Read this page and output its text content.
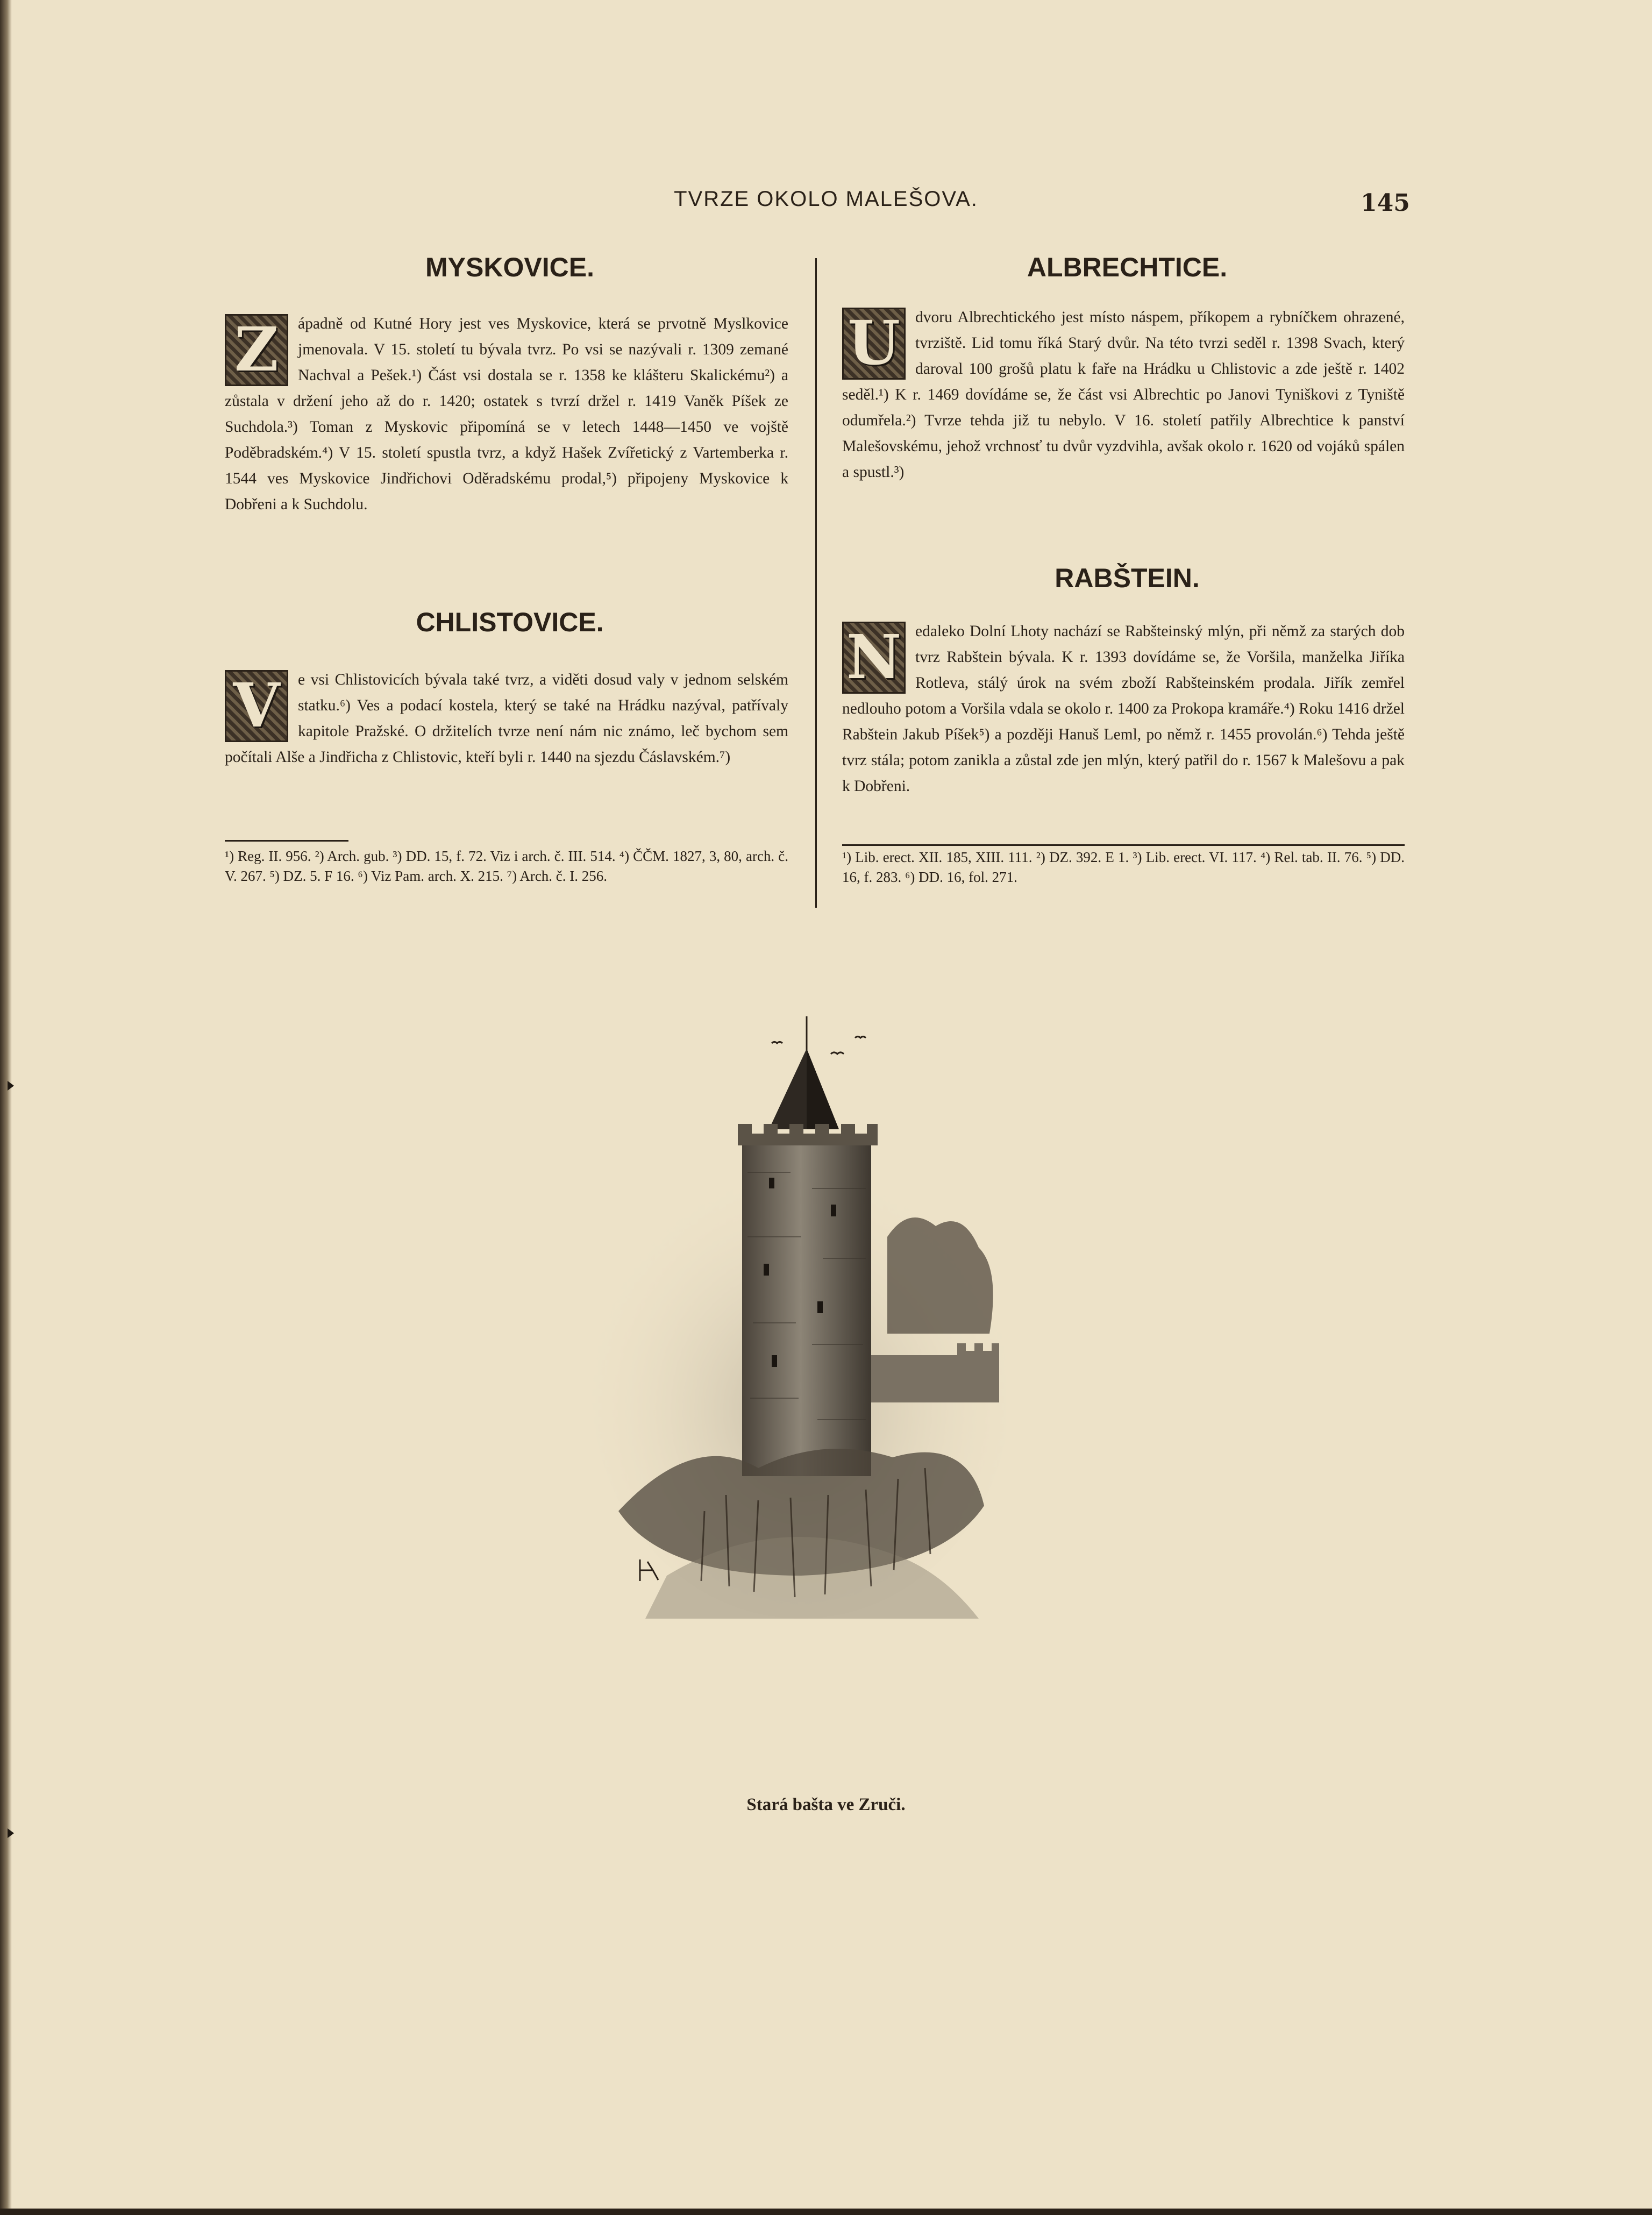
TVRZE OKOLO MALEŠOVA.	145
MYSKOVICE.

Z	ápadně od Kutné Hory jest ves Myskovice, která se prvotně Myslkovice jmenovala. V 15. století tu bývala tvrz. Po vsi se nazývali r. 1309 zemané Nachval a Pešek.¹) Část vsi dostala se r. 1358 ke klášteru Skalickému²) a zůstala v držení jeho až do r. 1420; ostatek s tvrzí držel r. 1419 Vaněk Píšek ze Suchdola.³) Toman z Myskovic připomíná se v letech 1448—1450 ve vojště Poděbradském.⁴) V 15. století spustla tvrz, a když Hašek Zvířetický z Vartemberka r. 1544 ves Myskovice Jindřichovi Oděradskému prodal,⁵) připojeny Myskovice k Dobřeni a k Suchdolu.

CHLISTOVICE.

V	e vsi Chlistovicích bývala také tvrz, a viděti dosud valy v jednom selském statku.⁶) Ves a podací kostela, který se také na Hrádku nazýval, patřívaly kapitole Pražské. O držitelích tvrze není nám nic známo, leč bychom sem počítali Alše a Jindřicha z Chlistovic, kteří byli r. 1440 na sjezdu Čáslavském.⁷)

¹) Reg. II. 956. ²) Arch. gub. ³) DD. 15, f. 72. Viz i arch. č. III. 514. ⁴) ČČM. 1827, 3, 80, arch. č. V. 267. ⁵) DZ. 5. F 16. ⁶) Viz Pam. arch. X. 215. ⁷) Arch. č. I. 256.

ALBRECHTICE.

U dvoru Albrechtického jest místo náspem, příkopem a rybníčkem ohrazené, tvrziště. Lid tomu říká Starý dvůr. Na této tvrzi seděl r. 1398 Svach, který daroval 100 grošů platu k faře na Hrádku u Chlistovic a zde ještě r. 1402 seděl.¹) K r. 1469 dovídáme se, že část vsi Albrechtic po Janovi Tyniškovi z Tyniště odumřela.²) Tvrze tehda již tu nebylo. V 16. století patřily Albrechtice k panství Malešovskému, jehož vrchnosť tu dvůr vyzdvihla, avšak okolo r. 1620 od vojáků spálen a spustl.³)

RABŠTEIN.

N edaleko Dolní Lhoty nachází se Rabšteinský mlýn, při němž za starých dob tvrz Rabštein bývala. K r. 1393 dovídáme se, že Voršila, manželka Jiříka Rotleva, stálý úrok na svém zboží Rabšteinském prodala. Jiřík zemřel nedlouho potom a Voršila vdala se okolo r. 1400 za Prokopa kramáře.⁴) Roku 1416 držel Rabštein Jakub Píšek⁵) a později Hanuš Leml, po němž r. 1455 provolán.⁶) Tehda ještě tvrz stála; potom zanikla a zůstal zde jen mlýn, který patřil do r. 1567 k Malešovu a pak k Dobřeni.

¹) Lib. erect. XII. 185, XIII. 111. ²) DZ. 392. E 1. ³) Lib. erect. VI. 117. ⁴) Rel. tab. II. 76. ⁵) DD. 16, f. 283. ⁶) DD. 16, fol. 271.

Stará bašta ve Zruči.
